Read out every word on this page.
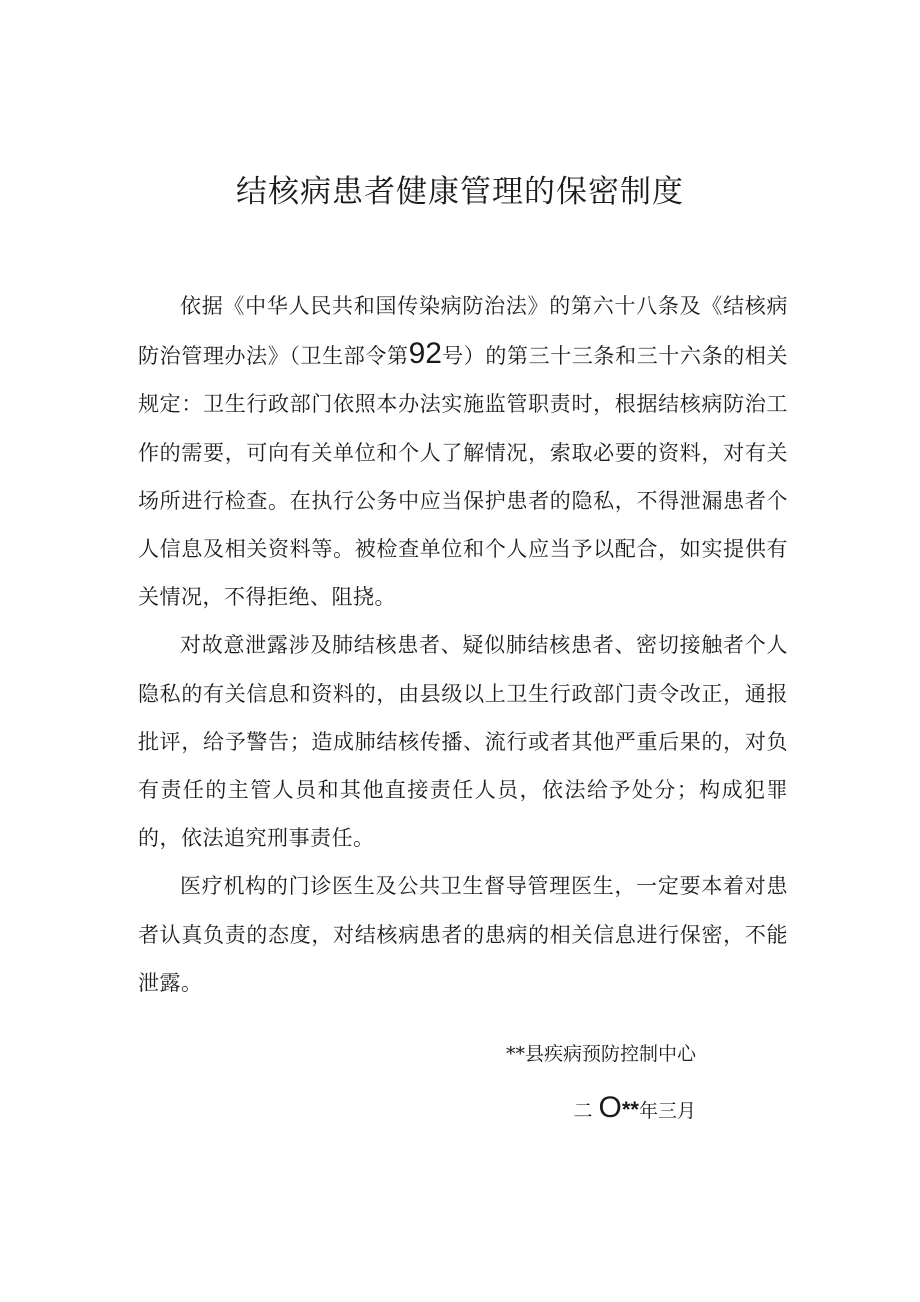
结核病患者健康管理的保密制度

依据《中华人民共和国传染病防治法》的第六十八条及《结核病防治管理办法》（卫生部令第92号）的第三十三条和三十六条的相关规定：卫生行政部门依照本办法实施监管职责时，根据结核病防治工作的需要，可向有关单位和个人了解情况，索取必要的资料，对有关场所进行检查。在执行公务中应当保护患者的隐私，不得泄漏患者个人信息及相关资料等。被检查单位和个人应当予以配合，如实提供有关情况，不得拒绝、阻挠。

对故意泄露涉及肺结核患者、疑似肺结核患者、密切接触者个人隐私的有关信息和资料的，由县级以上卫生行政部门责令改正，通报批评，给予警告；造成肺结核传播、流行或者其他严重后果的，对负有责任的主管人员和其他直接责任人员，依法给予处分；构成犯罪的，依法追究刑事责任。

医疗机构的门诊医生及公共卫生督导管理医生，一定要本着对患者认真负责的态度，对结核病患者的患病的相关信息进行保密，不能泄露。

**县疾病预防控制中心
二 O**年三月
